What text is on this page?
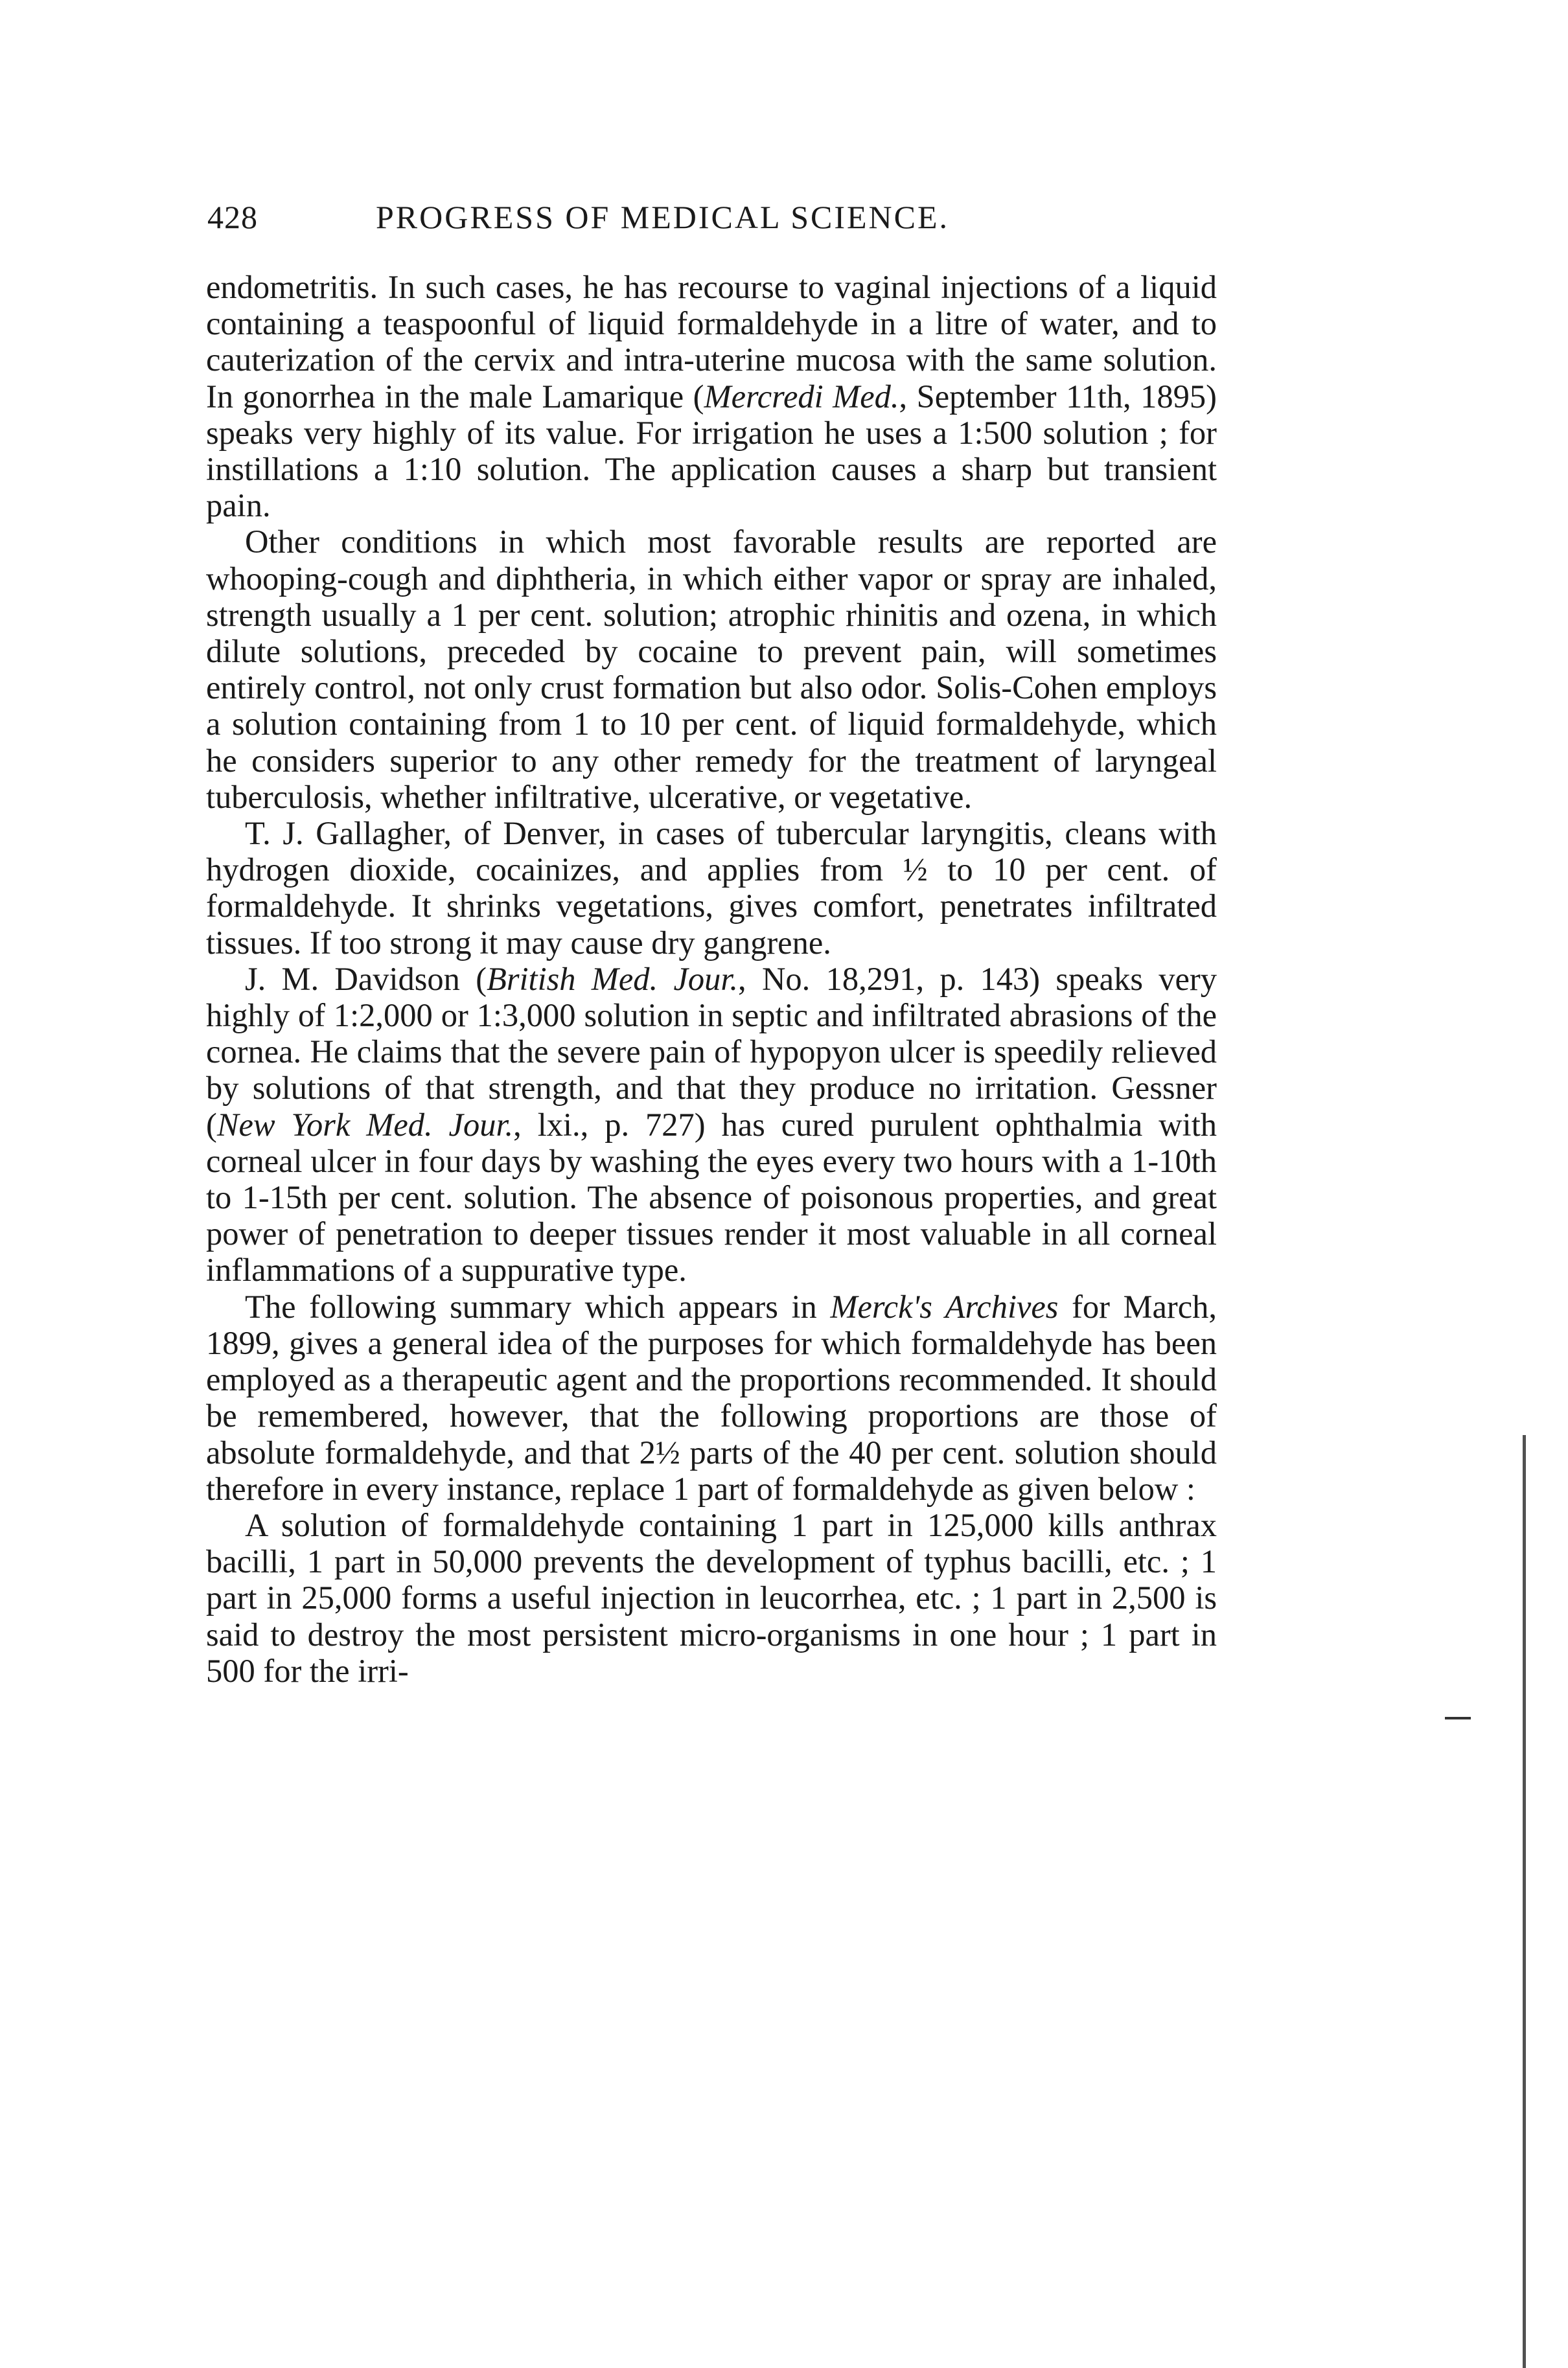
428	PROGRESS OF MEDICAL SCIENCE.

endometritis. In such cases, he has recourse to vaginal injections of a liquid containing a teaspoonful of liquid formaldehyde in a litre of water, and to cauterization of the cervix and intra-uterine mucosa with the same solution. In gonorrhea in the male Lamarique (Mercredi Med., September 11th, 1895) speaks very highly of its value. For irrigation he uses a 1:500 solution ; for instillations a 1:10 solution. The application causes a sharp but transient pain.

Other conditions in which most favorable results are reported are whooping-cough and diphtheria, in which either vapor or spray are inhaled, strength usually a 1 per cent. solution; atrophic rhinitis and ozena, in which dilute solutions, preceded by cocaine to prevent pain, will sometimes entirely control, not only crust formation but also odor. Solis-Cohen employs a solution containing from 1 to 10 per cent. of liquid formaldehyde, which he considers superior to any other remedy for the treatment of laryngeal tuberculosis, whether infiltrative, ulcerative, or vegetative.

T. J. Gallagher, of Denver, in cases of tubercular laryngitis, cleans with hydrogen dioxide, cocainizes, and applies from ½ to 10 per cent. of formaldehyde. It shrinks vegetations, gives comfort, penetrates infiltrated tissues. If too strong it may cause dry gangrene.

J. M. Davidson (British Med. Jour., No. 18,291, p. 143) speaks very highly of 1:2,000 or 1:3,000 solution in septic and infiltrated abrasions of the cornea. He claims that the severe pain of hypopyon ulcer is speedily relieved by solutions of that strength, and that they produce no irritation. Gessner (New York Med. Jour., lxi., p. 727) has cured purulent ophthalmia with corneal ulcer in four days by washing the eyes every two hours with a 1-10th to 1-15th per cent. solution. The absence of poisonous properties, and great power of penetration to deeper tissues render it most valuable in all corneal inflammations of a suppurative type.

The following summary which appears in Merck's Archives for March, 1899, gives a general idea of the purposes for which formaldehyde has been employed as a therapeutic agent and the proportions recommended. It should be remembered, however, that the following proportions are those of absolute formaldehyde, and that 2½ parts of the 40 per cent. solution should therefore in every instance, replace 1 part of formaldehyde as given below :

A solution of formaldehyde containing 1 part in 125,000 kills anthrax bacilli, 1 part in 50,000 prevents the development of typhus bacilli, etc. ; 1 part in 25,000 forms a useful injection in leucorrhea, etc. ; 1 part in 2,500 is said to destroy the most persistent micro-organisms in one hour ; 1 part in 500 for the irri-
